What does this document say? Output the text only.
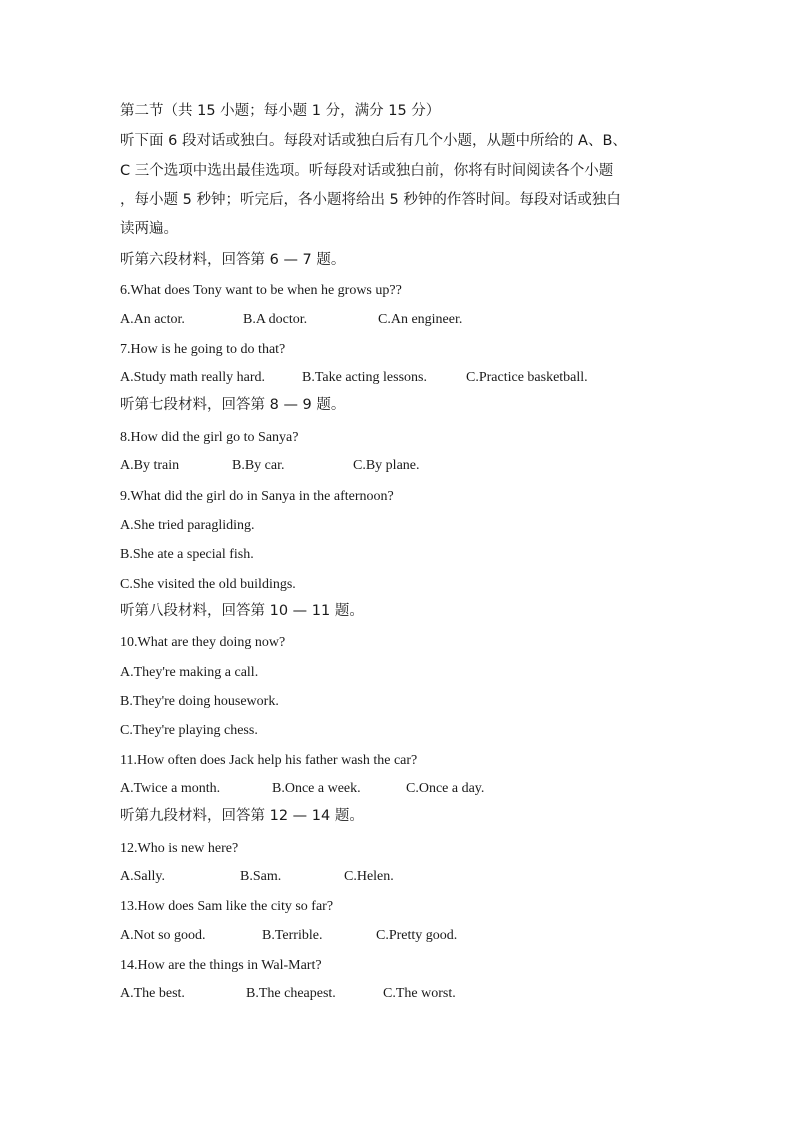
第二节（共 15 小题；每小题 1 分，满分 15 分）
听下面 6 段对话或独白。每段对话或独白后有几个小题，从题中所给的 A、B、
C 三个选项中选出最佳选项。听每段对话或独白前，你将有时间阅读各个小题
，每小题 5 秒钟；听完后，各小题将给出 5 秒钟的作答时间。每段对话或独白
读两遍。
听第六段材料，回答第 6 — 7 题。
6.What does Tony want to be when he grows up??
A.An actor.	B.A doctor.	C.An engineer.
7.How is he going to do that?
A.Study math really hard.	B.Take acting lessons.	C.Practice basketball.
听第七段材料，回答第 8 — 9 题。
8.How did the girl go to Sanya?
A.By train	B.By car.	C.By plane.
9.What did the girl do in Sanya in the afternoon?
A.She tried paragliding.
B.She ate a special fish.
C.She visited the old buildings.
听第八段材料，回答第 10 — 11 题。
10.What are they doing now?
A.They're making a call.
B.They're doing housework.
C.They're playing chess.
11.How often does Jack help his father wash the car?
A.Twice a month.	B.Once a week.	C.Once a day.
听第九段材料，回答第 12 — 14 题。
12.Who is new here?
A.Sally.	B.Sam.	C.Helen.
13.How does Sam like the city so far?
A.Not so good.	B.Terrible.	C.Pretty good.
14.How are the things in Wal-Mart?
A.The best.	B.The cheapest.	C.The worst.
